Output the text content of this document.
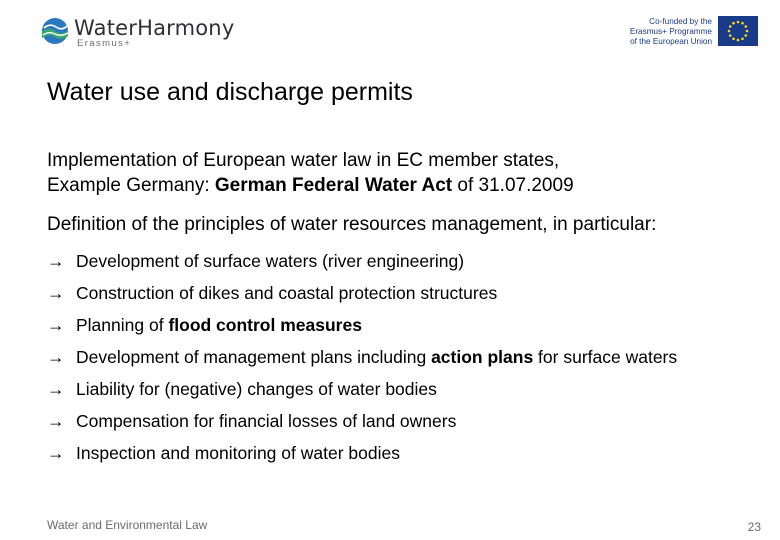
WaterHarmony
Erasmus+
Co-funded by the
Erasmus+ Programme
of the European Union
Water use and discharge permits
Implementation of European water law in EC member states,
Example Germany: German Federal Water Act of 31.07.2009
Definition of the principles of water resources management, in particular:
→ Development of surface waters (river engineering)
→ Construction of dikes and coastal protection structures
→ Planning of flood control measures
→ Development of management plans including action plans for surface waters
→ Liability for (negative) changes of water bodies
→ Compensation for financial losses of land owners
→ Inspection and monitoring of water bodies
Water and Environmental Law	23
